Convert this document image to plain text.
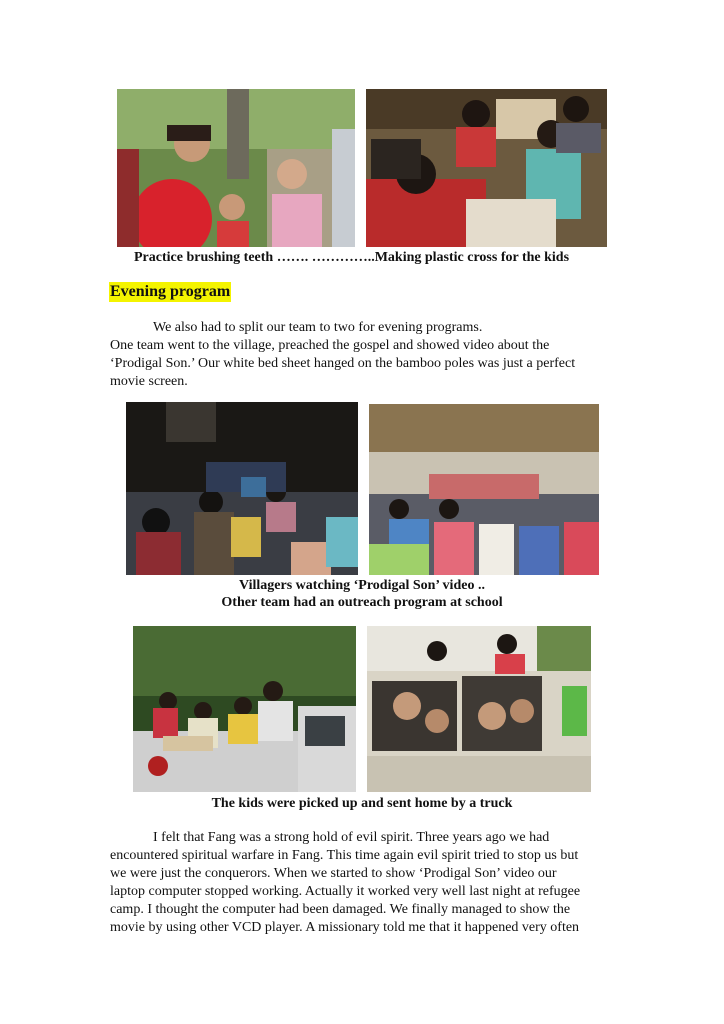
Practice brushing teeth ……. …………..Making plastic cross for the kids
Evening program
We also had to split our team to two for evening programs.
One team went to the village, preached the gospel and showed video about the
‘Prodigal Son.’ Our white bed sheet hanged on the bamboo poles was just a perfect
movie screen.
Villagers watching ‘Prodigal Son’ video ..
Other team had an outreach program at school
The kids were picked up and sent home by a truck
I felt that Fang was a strong hold of evil spirit. Three years ago we had
encountered spiritual warfare in Fang. This time again evil spirit tried to stop us but
we were just the conquerors. When we started to show ‘Prodigal Son’ video our
laptop computer stopped working. Actually it worked very well last night at refugee
camp. I thought the computer had been damaged. We finally managed to show the
movie by using other VCD player. A missionary told me that it happened very often
